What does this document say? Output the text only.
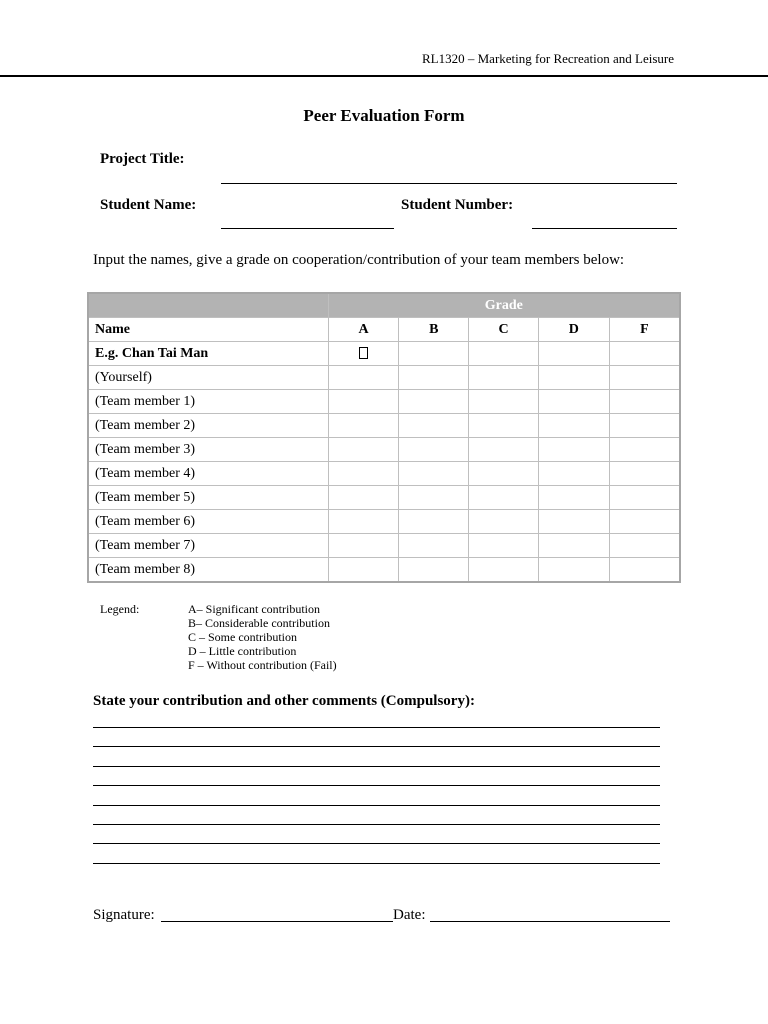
RL1320 – Marketing for Recreation and Leisure
Peer Evaluation Form
Project Title:
Student Name:	Student Number:
Input the names, give a grade on cooperation/contribution of your team members below:
	Grade				
Name	A	B	C	D	F
E.g. Chan Tai Man					
(Yourself)					
(Team member 1)					
(Team member 2)					
(Team member 3)					
(Team member 4)					
(Team member 5)					
(Team member 6)					
(Team member 7)					
(Team member 8)					
Legend:	A– Significant contribution
B– Considerable contribution
C – Some contribution
D – Little contribution
F – Without contribution (Fail)
State your contribution and other comments (Compulsory):
Signature:	Date:
